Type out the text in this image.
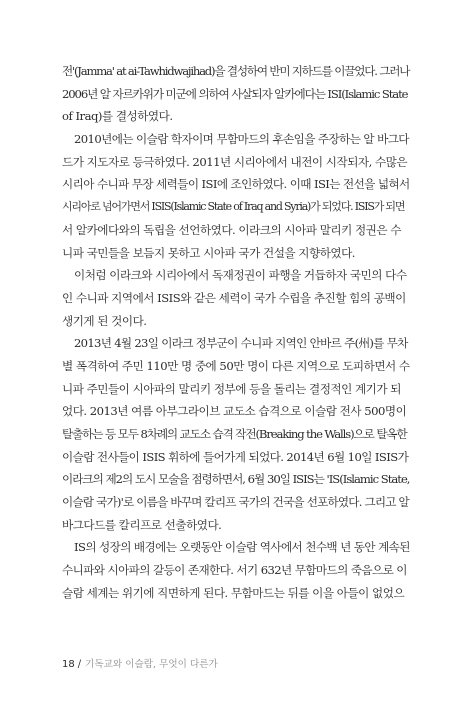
전'(Jamma' at ai-Tawhidwajihad)을 결성하여 반미 지하드를 이끌었다. 그러나
2006년 알 자르카위가 미군에 의하여 사살되자 알카에다는 ISI(Islamic State
of Iraq)를 결성하였다.
2010년에는 이슬람 학자이며 무함마드의 후손임을 주장하는 알 바그다
드가 지도자로 등극하였다. 2011년 시리아에서 내전이 시작되자, 수많은
시리아 수니파 무장 세력들이 ISI에 조인하였다. 이때 ISI는 전선을 넓혀서
시리아로 넘어가면서 ISIS(Islamic State of Iraq and Syria)가 되었다. ISIS가 되면
서 알카에다와의 독립을 선언하였다. 이라크의 시아파 말리키 정권은 수
니파 국민들을 보듬지 못하고 시아파 국가 건설을 지향하였다.
이처럼 이라크와 시리아에서 독재정권이 파행을 거듭하자 국민의 다수
인 수니파 지역에서 ISIS와 같은 세력이 국가 수립을 추진할 힘의 공백이
생기게 된 것이다.
2013년 4월 23일 이라크 정부군이 수니파 지역인 안바르 주(州)를 무차
별 폭격하여 주민 110만 명 중에 50만 명이 다른 지역으로 도피하면서 수
니파 주민들이 시아파의 말리키 정부에 등을 돌리는 결정적인 계기가 되
었다. 2013년 여름 아부그라이브 교도소 습격으로 이슬람 전사 500명이
탈출하는 등 모두 8차례의 교도소 습격 작전(Breaking the Walls)으로 탈옥한
이슬람 전사들이 ISIS 휘하에 들어가게 되었다. 2014년 6월 10일 ISIS가
이라크의 제2의 도시 모술을 점령하면서, 6월 30일 ISIS는 'IS(Islamic State,
이슬람 국가)'로 이름을 바꾸며 칼리프 국가의 건국을 선포하였다. 그리고 알
바그다드를 칼리프로 선출하였다.
IS의 성장의 배경에는 오랫동안 이슬람 역사에서 천수백 년 동안 계속된
수니파와 시아파의 갈등이 존재한다. 서기 632년 무함마드의 죽음으로 이
슬람 세계는 위기에 직면하게 된다. 무함마드는 뒤를 이을 아들이 없었으
18 / 기독교와 이슬람, 무엇이 다른가
